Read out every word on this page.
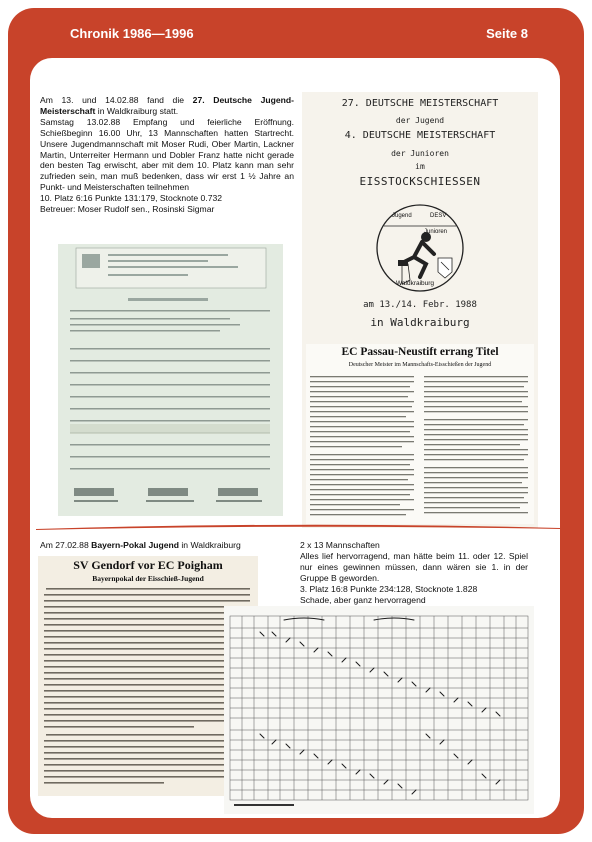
Chronik 1986—1996	Seite 8

Am 13. und 14.02.88 fand die 27. Deutsche Jugend-Meisterschaft in Waldkraiburg statt.

Samstag 13.02.88 Empfang und feierliche Eröffnung. Schießbeginn 16.00 Uhr, 13 Mannschaften hatten Startrecht. Unsere Jugendmannschaft mit Moser Rudi, Ober Martin, Lackner Martin, Unterreiter Hermann und Dobler Franz hatte nicht gerade den besten Tag erwischt, aber mit dem 10. Platz kann man sehr zufrieden sein, man muß bedenken, dass wir erst 1 ½ Jahre an Punkt- und Meisterschaften teilnehmen

10. Platz 6:16 Punkte 131:179, Stocknote 0.732

Betreuer: Moser Rudolf sen., Rosinski Sigmar

27. DEUTSCHE MEISTERSCHAFT
der Jugend
4. DEUTSCHE MEISTERSCHAFT
der Junioren
im
EISSTOCKSCHIESSEN
Jugend	DESV
Junioren
Waldkraiburg
am 13./14. Febr. 1988
in Waldkraiburg
EC Passau-Neustift errang Titel
Deutscher Meister im Mannschafts-Eisschießen der Jugend
Am 27.02.88 Bayern-Pokal Jugend in Waldkraiburg
SV Gendorf vor EC Poigham
Bayernpokal der Eisschieß-Jugend

2 x 13 Mannschaften

Alles lief hervorragend, man hätte beim 11. oder 12. Spiel nur eines gewinnen müssen, dann wären sie 1. in der Gruppe B geworden.

3. Platz 16:8 Punkte 234:128, Stocknote 1.828

Schade, aber ganz hervorragend
